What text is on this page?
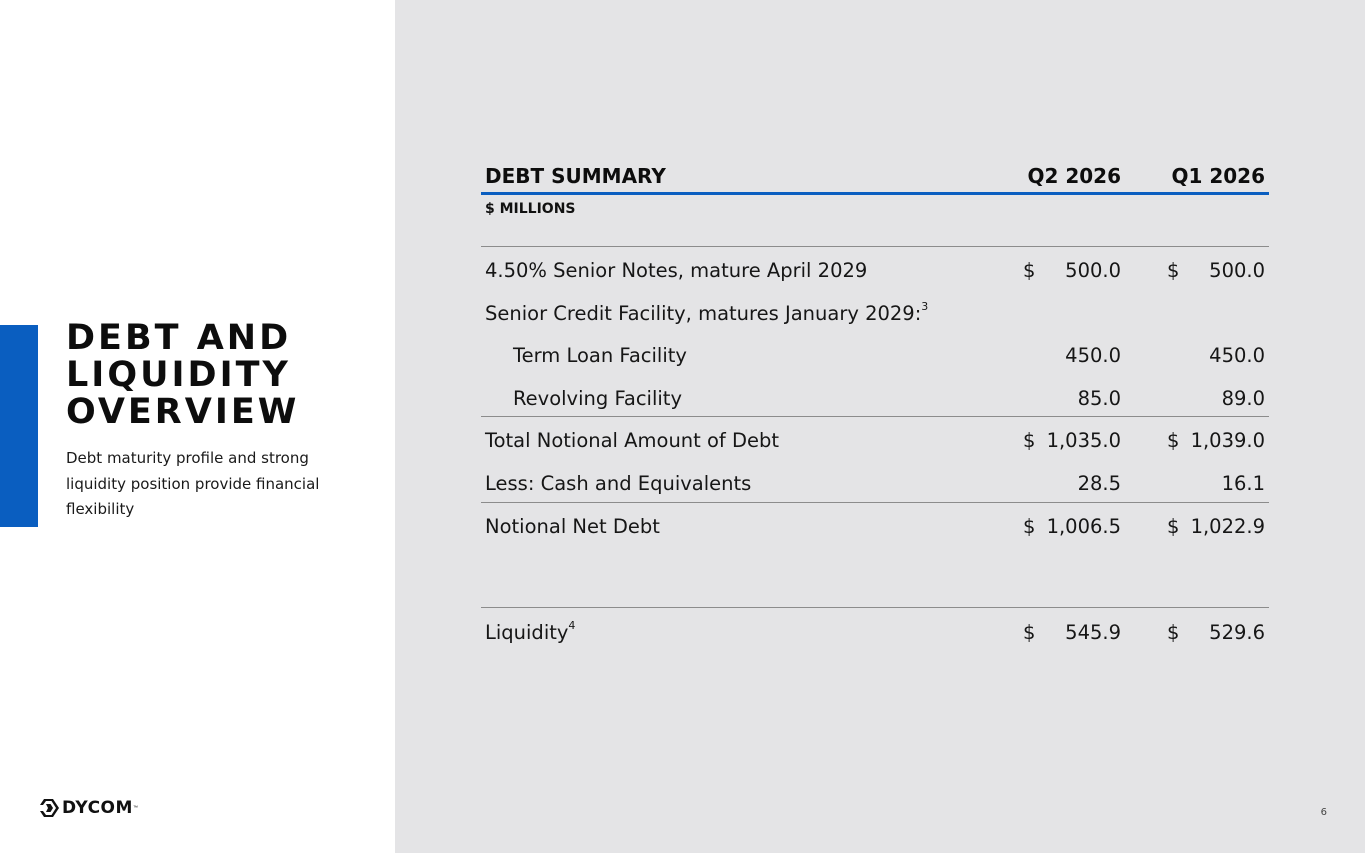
DEBT AND
LIQUIDITY
OVERVIEW
Debt maturity profile and strong liquidity position provide financial flexibility
DYCOM ™
DEBT SUMMARY	Q2 2026	Q1 2026
$ MILLIONS
4.50% Senior Notes, mature April 2029	$ 500.0 $ 500.0
Senior Credit Facility, matures January 2029:$^3$
Term Loan Facility	450.0	450.0
Revolving Facility	85.0	89.0
Total Notional Amount of Debt	$ 1,035.0 $ 1,039.0
Less: Cash and Equivalents	28.5	16.1
Notional Net Debt	$ 1,006.5 $ 1,022.9
Liquidity$^4$	$ 545.9 $ 529.6
6
